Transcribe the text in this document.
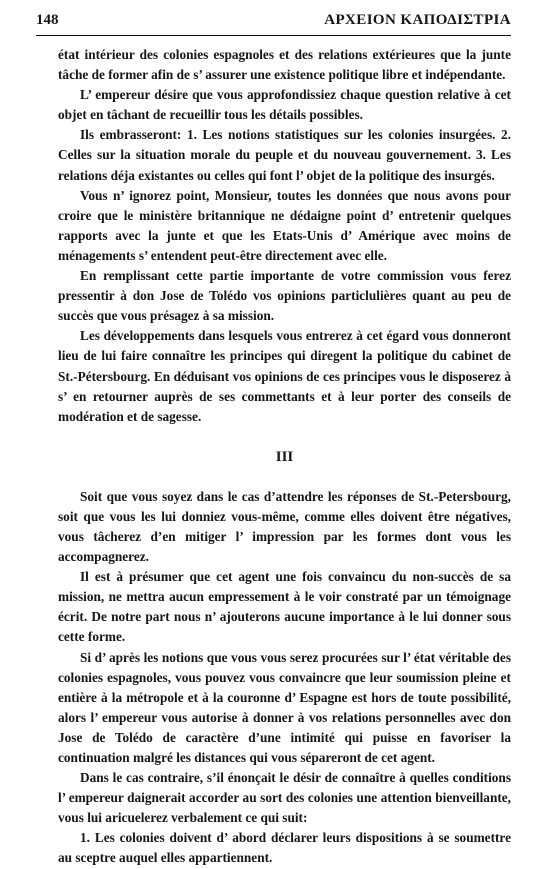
148	ΑΡΧΕΙΟΝ ΚΑΠΟΔΙΣΤΡΙΑ

état intérieur des colonies espagnoles et des relations extérieures que la junte tâche de former afin de s’ assurer une existence politique libre et indépendante.

L’ empereur désire que vous approfondissiez chaque question relative à cet objet en tâchant de recueillir tous les détails possibles.

Ils embrasseront: 1. Les notions statistiques sur les colonies insurgées. 2. Celles sur la situation morale du peuple et du nouveau gouvernement. 3. Les relations déja existantes ou celles qui font l’ objet de la politique des insurgés.

Vous n’ ignorez point, Monsieur, toutes les données que nous avons pour croire que le ministère britannique ne dédaigne point d’ entretenir quelques rapports avec la junte et que les Etats-Unis d’ Amérique avec moins de ménagements s’ entendent peut-être directement avec elle.

En remplissant cette partie importante de votre commission vous ferez pressentir à don Jose de Tolédo vos opinions particlulières quant au peu de succès que vous présagez à sa mission.

Les développements dans lesquels vous entrerez à cet égard vous donneront lieu de lui faire connaître les principes qui diregent la politique du cabinet de St.-Pétersbourg. En déduisant vos opinions de ces principes vous le disposerez à s’ en retourner auprès de ses commettants et à leur porter des conseils de modération et de sagesse.

III

Soit que vous soyez dans le cas d’attendre les réponses de St.-Petersbourg, soit que vous les lui donniez vous-même, comme elles doivent être négatives, vous tâcherez d’en mitiger l’ impression par les formes dont vous les accompagnerez.

Il est à présumer que cet agent une fois convaincu du non-succès de sa mission, ne mettra aucun empressement à le voir constraté par un témoignage écrit. De notre part nous n’ ajouterons aucune importance à le lui donner sous cette forme.

Si d’ après les notions que vous vous serez procurées sur l’ état véritable des colonies espagnoles, vous pouvez vous convaincre que leur soumission pleine et entière à la métropole et à la couronne d’ Espagne est hors de toute possibilité, alors l’ empereur vous autorise à donner à vos relations personnelles avec don Jose de Tolédo de caractère d’une intimité qui puisse en favoriser la continuation malgré les distances qui vous sépareront de cet agent.

Dans le cas contraire, s’il énonçait le désir de connaître à quelles conditions l’ empereur daignerait accorder au sort des colonies une attention bienveillante, vous lui aricuelerez verbalement ce qui suit:

1. Les colonies doivent d’ abord déclarer leurs dispositions à se soumettre au sceptre auquel elles appartiennent.
